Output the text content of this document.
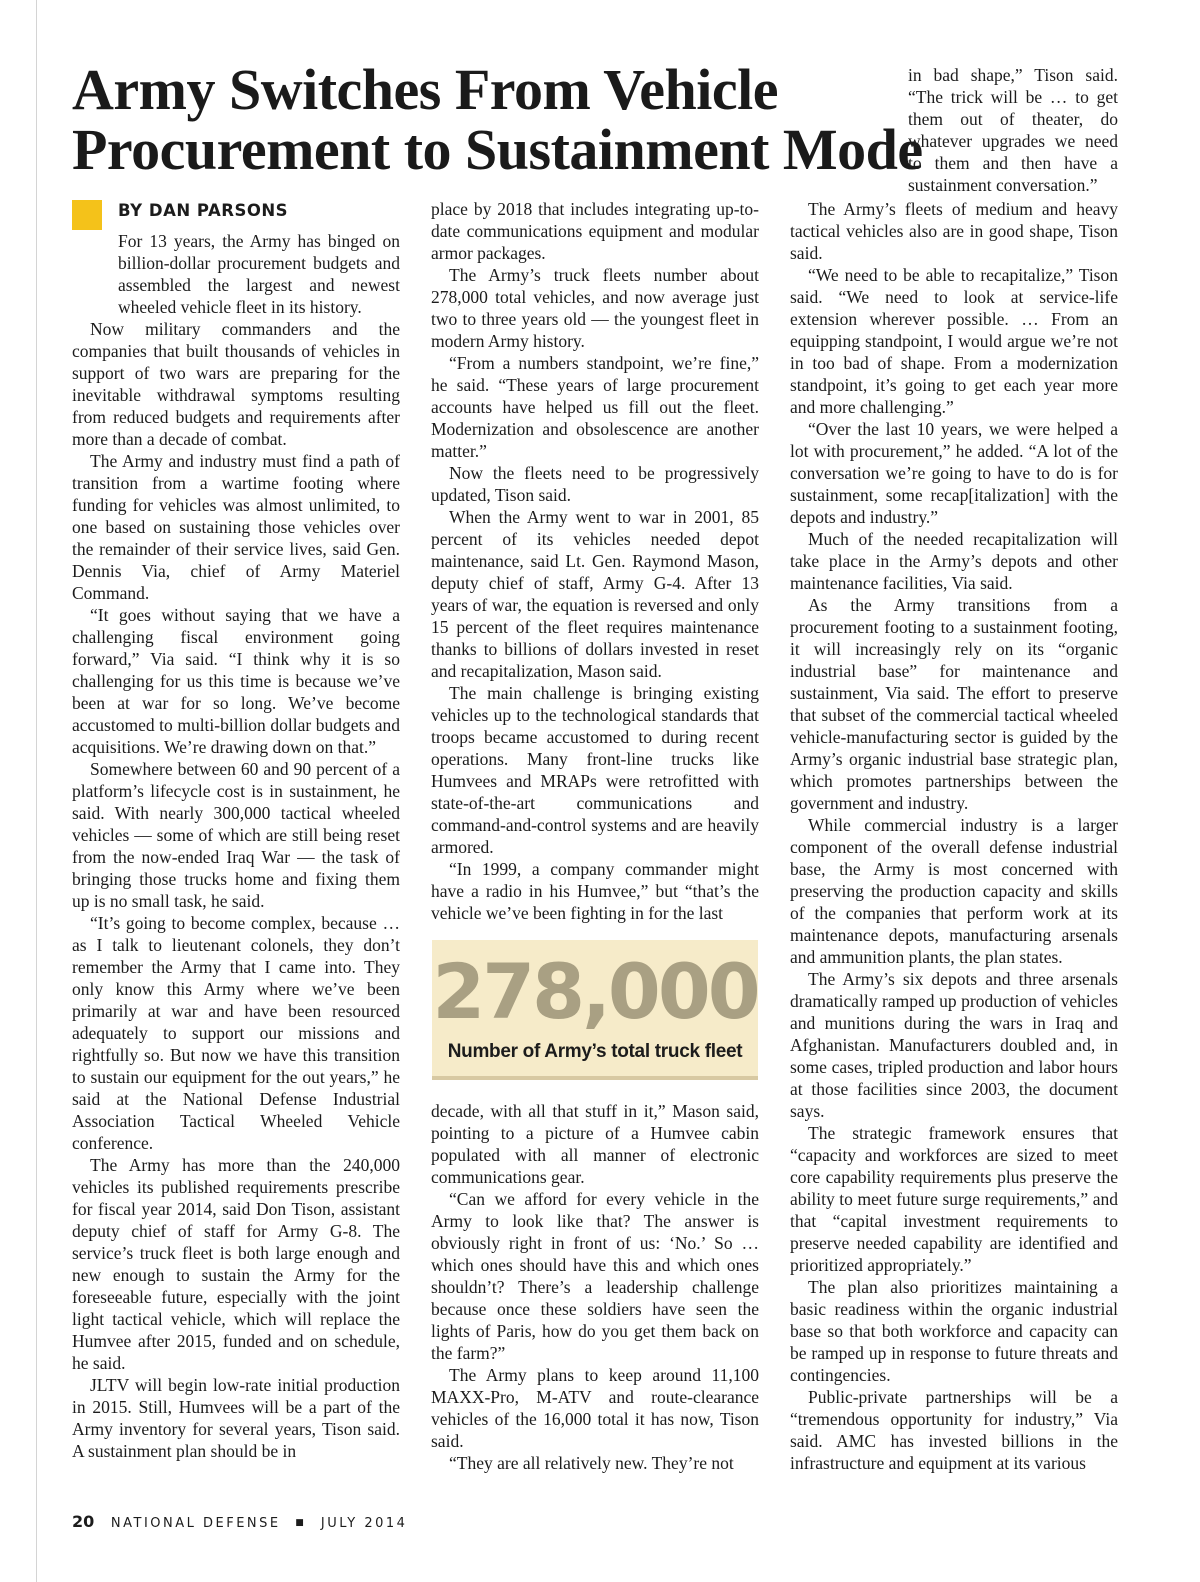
Army Switches From Vehicle
Procurement to Sustainment Mode

in bad shape,” Tison said. “The trick will be … to get them out of theater, do whatever upgrades we need to them and then have a sustainment conversation.”

BY DAN PARSONS

For 13 years, the Army has binged on billion-dollar procurement budgets and assembled the largest and newest wheeled vehicle fleet in its history.

Now military commanders and the companies that built thousands of vehicles in support of two wars are preparing for the inevitable withdrawal symptoms resulting from reduced budgets and requirements after more than a decade of combat.

The Army and industry must find a path of transition from a wartime footing where funding for vehicles was almost unlimited, to one based on sustaining those vehicles over the remainder of their service lives, said Gen. Dennis Via, chief of Army Materiel Command.

“It goes without saying that we have a challenging fiscal environment going forward,” Via said. “I think why it is so challenging for us this time is because we’ve been at war for so long. We’ve become accustomed to multi-billion dollar budgets and acquisitions. We’re drawing down on that.”

Somewhere between 60 and 90 percent of a platform’s lifecycle cost is in sustainment, he said. With nearly 300,000 tactical wheeled vehicles — some of which are still being reset from the now-ended Iraq War — the task of bringing those trucks home and fixing them up is no small task, he said.

“It’s going to become complex, because … as I talk to lieutenant colonels, they don’t remember the Army that I came into. They only know this Army where we’ve been primarily at war and have been resourced adequately to support our missions and rightfully so. But now we have this transition to sustain our equipment for the out years,” he said at the National Defense Industrial Association Tactical Wheeled Vehicle conference.

The Army has more than the 240,000 vehicles its published requirements prescribe for fiscal year 2014, said Don Tison, assistant deputy chief of staff for Army G-8. The service’s truck fleet is both large enough and new enough to sustain the Army for the foreseeable future, especially with the joint light tactical vehicle, which will replace the Humvee after 2015, funded and on schedule, he said.

JLTV will begin low-rate initial production in 2015. Still, Humvees will be a part of the Army inventory for several years, Tison said. A sustainment plan should be in

place by 2018 that includes integrating up-to-date communications equipment and modular armor packages.

The Army’s truck fleets number about 278,000 total vehicles, and now average just two to three years old — the youngest fleet in modern Army history.

“From a numbers standpoint, we’re fine,” he said. “These years of large procurement accounts have helped us fill out the fleet. Modernization and obsolescence are another matter.”

Now the fleets need to be progressively updated, Tison said.

When the Army went to war in 2001, 85 percent of its vehicles needed depot maintenance, said Lt. Gen. Raymond Mason, deputy chief of staff, Army G-4. After 13 years of war, the equation is reversed and only 15 percent of the fleet requires maintenance thanks to billions of dollars invested in reset and recapitalization, Mason said.

The main challenge is bringing existing vehicles up to the technological standards that troops became accustomed to during recent operations. Many front-line trucks like Humvees and MRAPs were retrofitted with state-of-the-art communications and command-and-control systems and are heavily armored.

“In 1999, a company commander might have a radio in his Humvee,” but “that’s the vehicle we’ve been fighting in for the last

278,000
Number of Army’s total truck fleet

decade, with all that stuff in it,” Mason said, pointing to a picture of a Humvee cabin populated with all manner of electronic communications gear.

“Can we afford for every vehicle in the Army to look like that? The answer is obviously right in front of us: ‘No.’ So … which ones should have this and which ones shouldn’t? There’s a leadership challenge because once these soldiers have seen the lights of Paris, how do you get them back on the farm?”

The Army plans to keep around 11,100 MAXX-Pro, M-ATV and route-clearance vehicles of the 16,000 total it has now, Tison said.

“They are all relatively new. They’re not

The Army’s fleets of medium and heavy tactical vehicles also are in good shape, Tison said.

“We need to be able to recapitalize,” Tison said. “We need to look at service-life extension wherever possible. … From an equipping standpoint, I would argue we’re not in too bad of shape. From a modernization standpoint, it’s going to get each year more and more challenging.”

“Over the last 10 years, we were helped a lot with procurement,” he added. “A lot of the conversation we’re going to have to do is for sustainment, some recap[italization] with the depots and industry.”

Much of the needed recapitalization will take place in the Army’s depots and other maintenance facilities, Via said.

As the Army transitions from a procurement footing to a sustainment footing, it will increasingly rely on its “organic industrial base” for maintenance and sustainment, Via said. The effort to preserve that subset of the commercial tactical wheeled vehicle-manufacturing sector is guided by the Army’s organic industrial base strategic plan, which promotes partnerships between the government and industry.

While commercial industry is a larger component of the overall defense industrial base, the Army is most concerned with preserving the production capacity and skills of the companies that perform work at its maintenance depots, manufacturing arsenals and ammunition plants, the plan states.

The Army’s six depots and three arsenals dramatically ramped up production of vehicles and munitions during the wars in Iraq and Afghanistan. Manufacturers doubled and, in some cases, tripled production and labor hours at those facilities since 2003, the document says.

The strategic framework ensures that “capacity and workforces are sized to meet core capability requirements plus preserve the ability to meet future surge requirements,” and that “capital investment requirements to preserve needed capability are identified and prioritized appropriately.”

The plan also prioritizes maintaining a basic readiness within the organic industrial base so that both workforce and capacity can be ramped up in response to future threats and contingencies.

Public-private partnerships will be a “tremendous opportunity for industry,” Via said. AMC has invested billions in the infrastructure and equipment at its various

20 NATIONAL DEFENSE ■ JULY 2014
